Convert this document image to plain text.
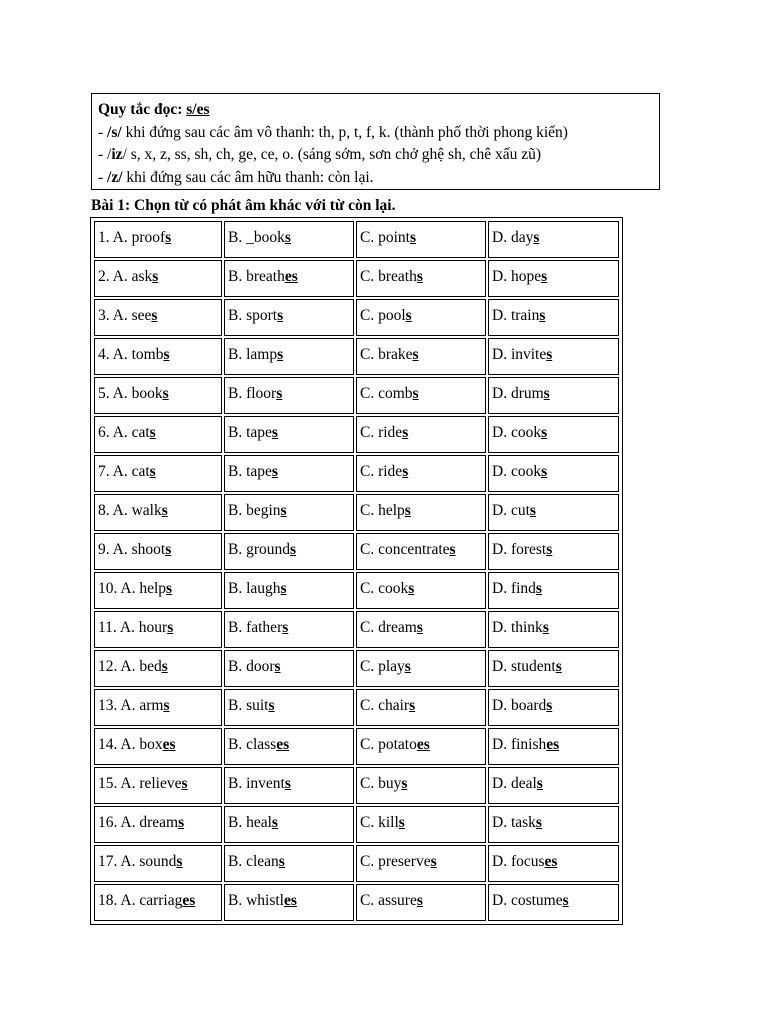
Quy tắc đọc: s/es
- /s/ khi đứng sau các âm vô thanh: th, p, t, f, k. (thành phố thời phong kiến)
- /iz/ s, x, z, ss, sh, ch, ge, ce, o. (sáng sớm, sơn chở ghệ sh, chê xấu zũ)
- /z/ khi đứng sau các âm hữu thanh: còn lại.
Bài 1: Chọn từ có phát âm khác với từ còn lại.
1. A. proofs	B. _books	C. points	D. days
2. A. asks	B. breathes	C. breaths	D. hopes
3. A. sees	B. sports	C. pools	D. trains
4. A. tombs	B. lamps	C. brakes	D. invites
5. A. books	B. floors	C. combs	D. drums
6. A. cats	B. tapes	C. rides	D. cooks
7. A. cats	B. tapes	C. rides	D. cooks
8. A. walks	B. begins	C. helps	D. cuts
9. A. shoots	B. grounds	C. concentrates	D. forests
10. A. helps	B. laughs	C. cooks	D. finds
11. A. hours	B. fathers	C. dreams	D. thinks
12. A. beds	B. doors	C. plays	D. students
13. A. arms	B. suits	C. chairs	D. boards
14. A. boxes	B. classes	C. potatoes	D. finishes
15. A. relieves	B. invents	C. buys	D. deals
16. A. dreams	B. heals	C. kills	D. tasks
17. A. sounds	B. cleans	C. preserves	D. focuses
18. A. carriages	B. whistles	C. assures	D. costumes
